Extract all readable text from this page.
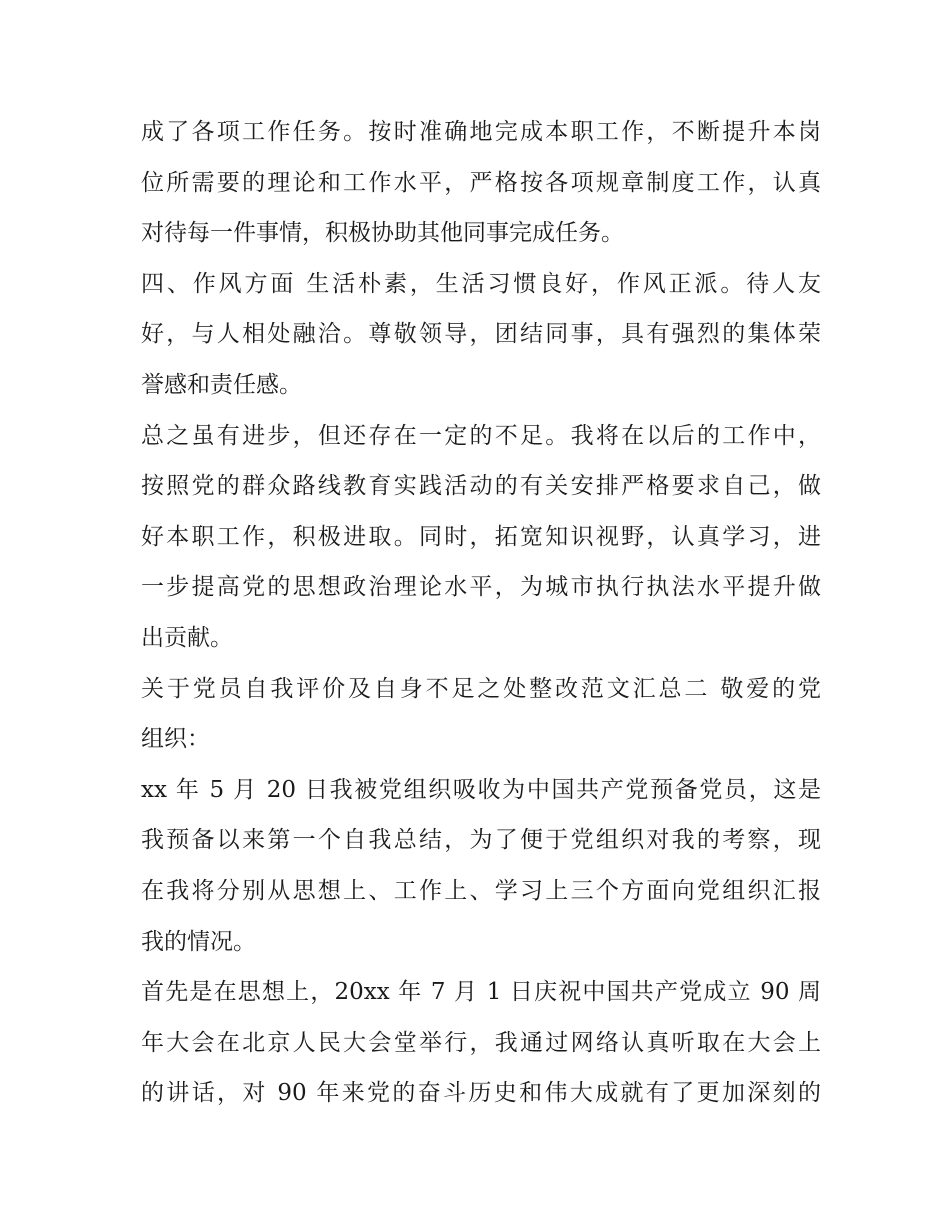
成了各项工作任务。按时准确地完成本职工作，不断提升本岗
位所需要的理论和工作水平，严格按各项规章制度工作，认真
对待每一件事情，积极协助其他同事完成任务。
四、作风方面 生活朴素，生活习惯良好，作风正派。待人友
好，与人相处融洽。尊敬领导，团结同事，具有强烈的集体荣
誉感和责任感。
总之虽有进步，但还存在一定的不足。我将在以后的工作中，
按照党的群众路线教育实践活动的有关安排严格要求自己，做
好本职工作，积极进取。同时，拓宽知识视野，认真学习，进
一步提高党的思想政治理论水平，为城市执行执法水平提升做
出贡献。
关于党员自我评价及自身不足之处整改范文汇总二 敬爱的党
组织：
xx 年 5 月 20 日我被党组织吸收为中国共产党预备党员，这是
我预备以来第一个自我总结，为了便于党组织对我的考察，现
在我将分别从思想上、工作上、学习上三个方面向党组织汇报
我的情况。
首先是在思想上，20xx 年 7 月 1 日庆祝中国共产党成立 90 周
年大会在北京人民大会堂举行，我通过网络认真听取在大会上
的讲话，对 90 年来党的奋斗历史和伟大成就有了更加深刻的
